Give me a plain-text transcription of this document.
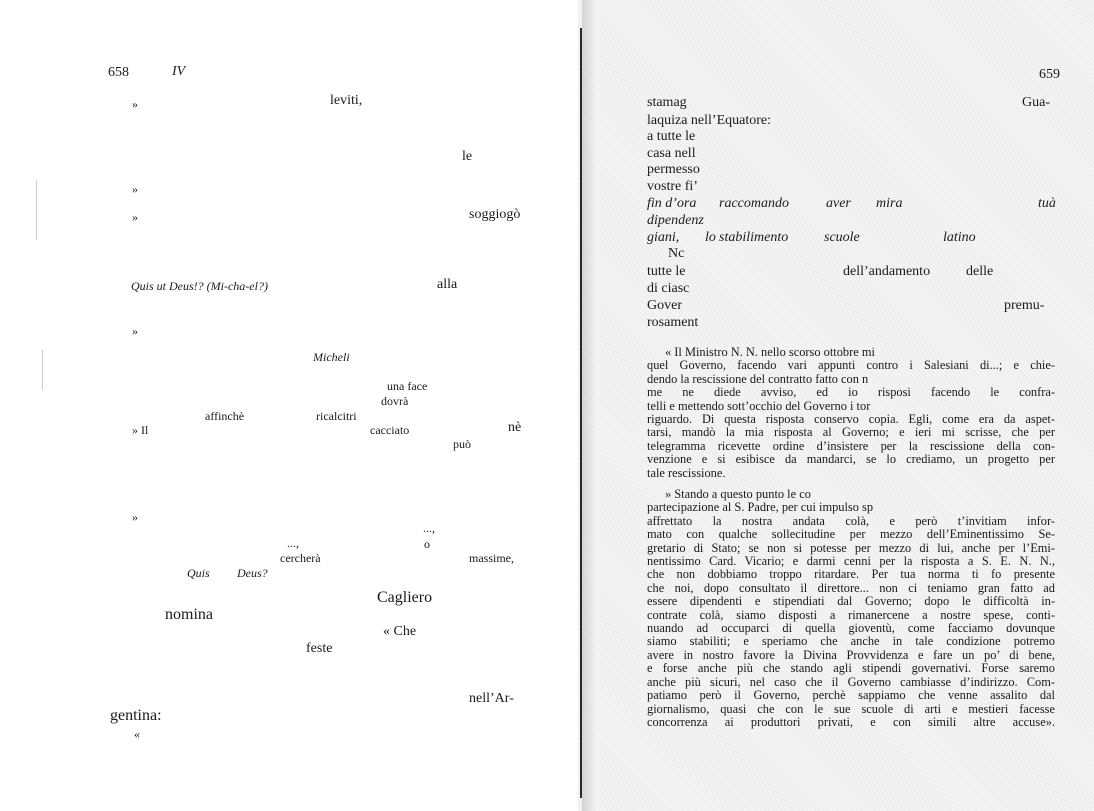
658	IV
»	leviti,
le
»
»	soggiogò
Quis ut Deus!? (Mi-cha-el?)	alla
»
Micheli
una face
dovrà
affinchè	ricalcitri
» Il	cacciato	nè
può
»
...,
...,	o
cercherà	massime,
Quis Deus?
Cagliero
nomina
« Che
feste
nell’Ar-
gentina:
«
659
stamag	Gua-
laquiza nell’Equatore:
a tutte le
casa nell
permesso
vostre fi’
fin d’ora raccomando	aver mira	tuà
dipendenz
giani, lo stabilimento	scuole	latino
Nc
tutte le	dell’andamento	delle
di ciasc
Gover	premu-
rosament
« Il Ministro N. N. nello scorso ottobre mi
quel Governo, facendo vari appunti contro i Salesiani di...; e chie-
dendo la rescissione del contratto fatto con n
me ne diede avviso, ed io risposi facendo le confra-
telli e mettendo sott’occhio del Governo i tor
riguardo. Di questa risposta conservo copia. Egli, come era da aspet-
tarsi, mandò la mia risposta al Governo; e ieri mi scrisse, che per
telegramma ricevette ordine d’insistere per la rescissione della con-
venzione e si esibisce da mandarci, se lo crediamo, un progetto per
tale rescissione.
» Stando a questo punto le co
partecipazione al S. Padre, per cui impulso sp
affrettato la nostra andata colà, e però t’invitiam infor-
mato con qualche sollecitudine per mezzo dell’Eminentissimo Se-
gretario di Stato; se non si potesse per mezzo di lui, anche per l’Emi-
nentissimo Card. Vicario; e darmi cenni per la risposta a S. E. N. N.,
che non dobbiamo troppo ritardare. Per tua norma ti fo presente
che noi, dopo consultato il direttore... non ci teniamo gran fatto ad
essere dipendenti e stipendiati dal Governo; dopo le difficoltà in-
contrate colà, siamo disposti a rimanercene a nostre spese, conti-
nuando ad occuparci di quella gioventù, come facciamo dovunque
siamo stabiliti; e speriamo che anche in tale condizione potremo
avere in nostro favore la Divina Provvidenza e fare un po’ di bene,
e forse anche più che stando agli stipendi governativi. Forse saremo
anche più sicuri, nel caso che il Governo cambiasse d’indirizzo. Com-
patiamo però il Governo, perchè sappiamo che venne assalito dal
giornalismo, quasi che con le sue scuole di arti e mestieri facesse
concorrenza ai produttori privati, e con simili altre accuse».
